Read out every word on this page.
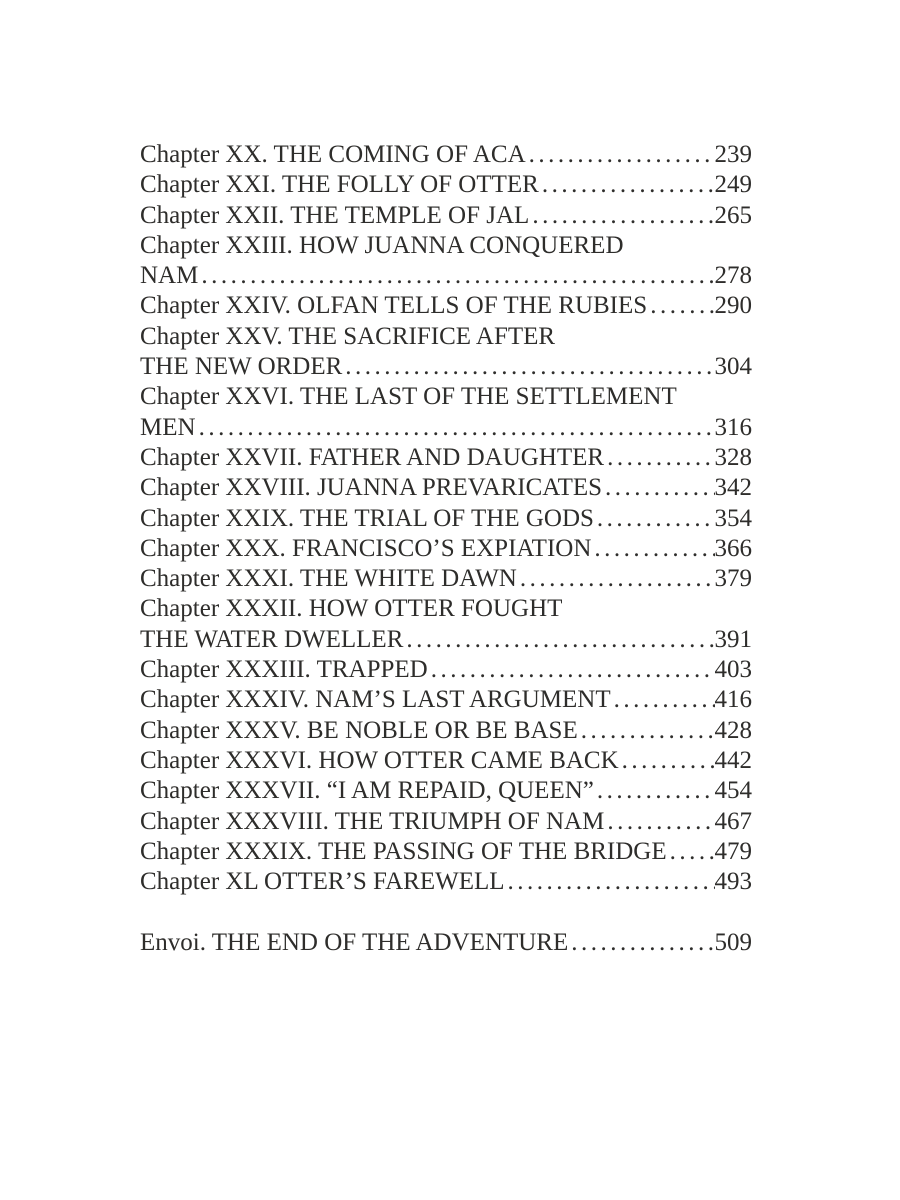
Chapter XX. THE COMING OF ACA .....	239
Chapter XXI. THE FOLLY OF OTTER .....	249
Chapter XXII. THE TEMPLE OF JAL .....	265
Chapter XXIII. HOW JUANNA CONQUERED
NAM .....	278
Chapter XXIV. OLFAN TELLS OF THE RUBIES .....	290
Chapter XXV. THE SACRIFICE AFTER
THE NEW ORDER .....	304
Chapter XXVI. THE LAST OF THE SETTLEMENT
MEN .....	316
Chapter XXVII. FATHER AND DAUGHTER .....	328
Chapter XXVIII. JUANNA PREVARICATES .....	342
Chapter XXIX. THE TRIAL OF THE GODS .....	354
Chapter XXX. FRANCISCO’S EXPIATION .....	366
Chapter XXXI. THE WHITE DAWN .....	379
Chapter XXXII. HOW OTTER FOUGHT
THE WATER DWELLER .....	391
Chapter XXXIII. TRAPPED .....	403
Chapter XXXIV. NAM’S LAST ARGUMENT .....	416
Chapter XXXV. BE NOBLE OR BE BASE .....	428
Chapter XXXVI. HOW OTTER CAME BACK .....	442
Chapter XXXVII. “I AM REPAID, QUEEN” .....	454
Chapter XXXVIII. THE TRIUMPH OF NAM .....	467
Chapter XXXIX. THE PASSING OF THE BRIDGE ..... 479
Chapter XL OTTER’S FAREWELL .....	493
Envoi. THE END OF THE ADVENTURE .....	509
